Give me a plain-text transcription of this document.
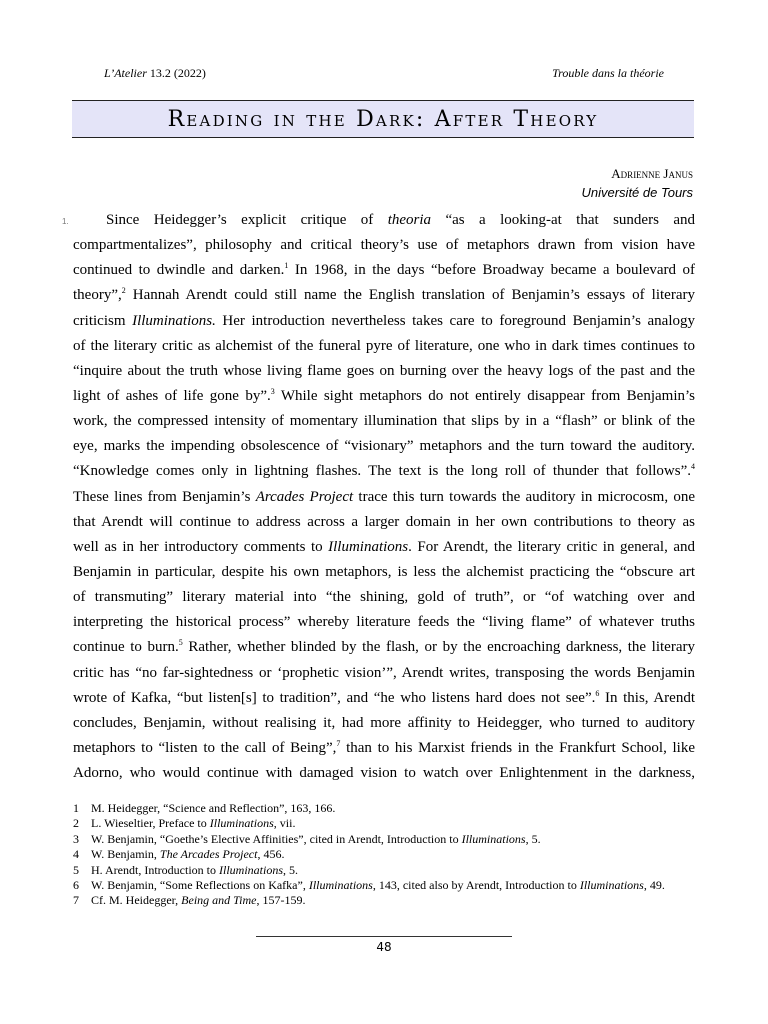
L’Atelier 13.2 (2022)	Trouble dans la théorie
Reading in the Dark: After Theory
Adrienne Janus
Université de Tours
1.	Since Heidegger’s explicit critique of theoria “as a looking-at that sunders and
compartmentalizes”, philosophy and critical theory’s use of metaphors drawn from vision have
continued to dwindle and darken.$^1$ In 1968, in the days “before Broadway became a boulevard of
theory”,$^2$ Hannah Arendt could still name the English translation of Benjamin’s essays of literary
criticism Illuminations. Her introduction nevertheless takes care to foreground Benjamin’s analogy
of the literary critic as alchemist of the funeral pyre of literature, one who in dark times continues to
“inquire about the truth whose living flame goes on burning over the heavy logs of the past and the
light of ashes of life gone by”.$^3$ While sight metaphors do not entirely disappear from Benjamin’s
work, the compressed intensity of momentary illumination that slips by in a “flash” or blink of the
eye, marks the impending obsolescence of “visionary” metaphors and the turn toward the auditory.
“Knowledge comes only in lightning flashes. The text is the long roll of thunder that follows”.$^4$
These lines from Benjamin’s Arcades Project trace this turn towards the auditory in microcosm, one
that Arendt will continue to address across a larger domain in her own contributions to theory as
well as in her introductory comments to Illuminations. For Arendt, the literary critic in general, and
Benjamin in particular, despite his own metaphors, is less the alchemist practicing the “obscure art
of transmuting” literary material into “the shining, gold of truth”, or “of watching over and
interpreting the historical process” whereby literature feeds the “living flame” of whatever truths
continue to burn.$^5$ Rather, whether blinded by the flash, or by the encroaching darkness, the literary
critic has “no far-sightedness or ‘prophetic vision’”, Arendt writes, transposing the words Benjamin
wrote of Kafka, “but listen[s] to tradition”, and “he who listens hard does not see”.$^6$ In this, Arendt
concludes, Benjamin, without realising it, had more affinity to Heidegger, who turned to auditory
metaphors to “listen to the call of Being”,$^7$ than to his Marxist friends in the Frankfurt School, like
Adorno, who would continue with damaged vision to watch over Enlightenment in the darkness,
1 M. Heidegger, “Science and Reflection”, 163, 166.
2 L. Wieseltier, Preface to Illuminations, vii.
3 W. Benjamin, “Goethe’s Elective Affinities”, cited in Arendt, Introduction to Illuminations, 5.
4 W. Benjamin, The Arcades Project, 456.
5 H. Arendt, Introduction to Illuminations, 5.
6 W. Benjamin, “Some Reflections on Kafka”, Illuminations, 143, cited also by Arendt, Introduction to Illuminations, 49.
7 Cf. M. Heidegger, Being and Time, 157-159.
48
